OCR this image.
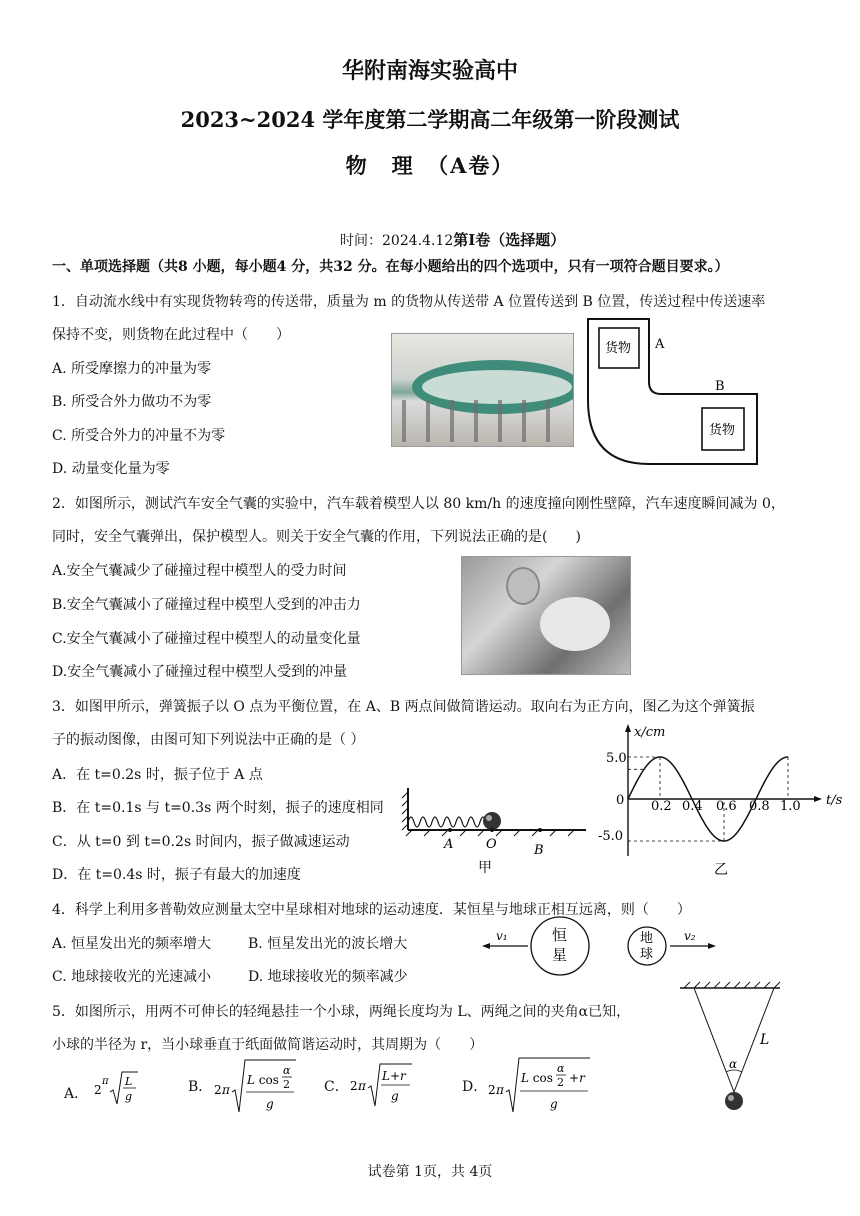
华附南海实验高中
2023~2024 学年度第二学期高二年级第一阶段测试
物　理　（A卷）
时间：2024.4.12第I卷（选择题）
一、单项选择题（共8 小题，每小题4 分，共32 分。在每小题给出的四个选项中，只有一项符合题目要求。）
1．自动流水线中有实现货物转弯的传送带，质量为 m 的货物从传送带 A 位置传送到 B 位置，传送过程中传送速率
保持不变，则货物在此过程中（　　）
A. 所受摩擦力的冲量为零
B. 所受合外力做功不为零
C. 所受合外力的冲量不为零
D. 动量变化量为零
货物
货物
A
B
2．如图所示，测试汽车安全气囊的实验中，汽车载着模型人以 80 km/h 的速度撞向刚性壁障，汽车速度瞬间减为 0，
同时，安全气囊弹出，保护模型人。则关于安全气囊的作用，下列说法正确的是(　　)
A.安全气囊减少了碰撞过程中模型人的受力时间
B.安全气囊减小了碰撞过程中模型人受到的冲击力
C.安全气囊减小了碰撞过程中模型人的动量变化量
D.安全气囊减小了碰撞过程中模型人受到的冲量
3．如图甲所示，弹簧振子以 O 点为平衡位置，在 A、B 两点间做简谐运动。取向右为正方向，图乙为这个弹簧振
子的振动图像，由图可知下列说法中正确的是（ ）
A．在 t=0.2s 时，振子位于 A 点
B．在 t=0.1s 与 t=0.3s 两个时刻，振子的速度相同
C．从 t=0 到 t=0.2s 时间内，振子做减速运动
D．在 t=0.4s 时，振子有最大的加速度
A	O	B
甲
x/cm
t/s
5.0
0
-5.0
0.2 0.4 0.6 0.8 1.0
乙
4．科学上利用多普勒效应测量太空中星球相对地球的运动速度．某恒星与地球正相互远离，则（　　）
A. 恒星发出光的频率增大	B. 恒星发出光的波长增大
C. 地球接收光的光速减小	D. 地球接收光的频率减少
v₁	恒
星
地
球
v₂
5．如图所示，用两不可伸长的轻绳悬挂一个小球，两绳长度均为 L、两绳之间的夹角α已知，
小球的半径为 r，当小球垂直于纸面做简谐运动时，其周期为（　　）
A． 2
π L
g
B． 2 π
L cos
α
2
g
C． 2 π
L+r
g
D． 2 π
L cos
α
2 +r
g
α
L
试卷第 1页，共 4页
